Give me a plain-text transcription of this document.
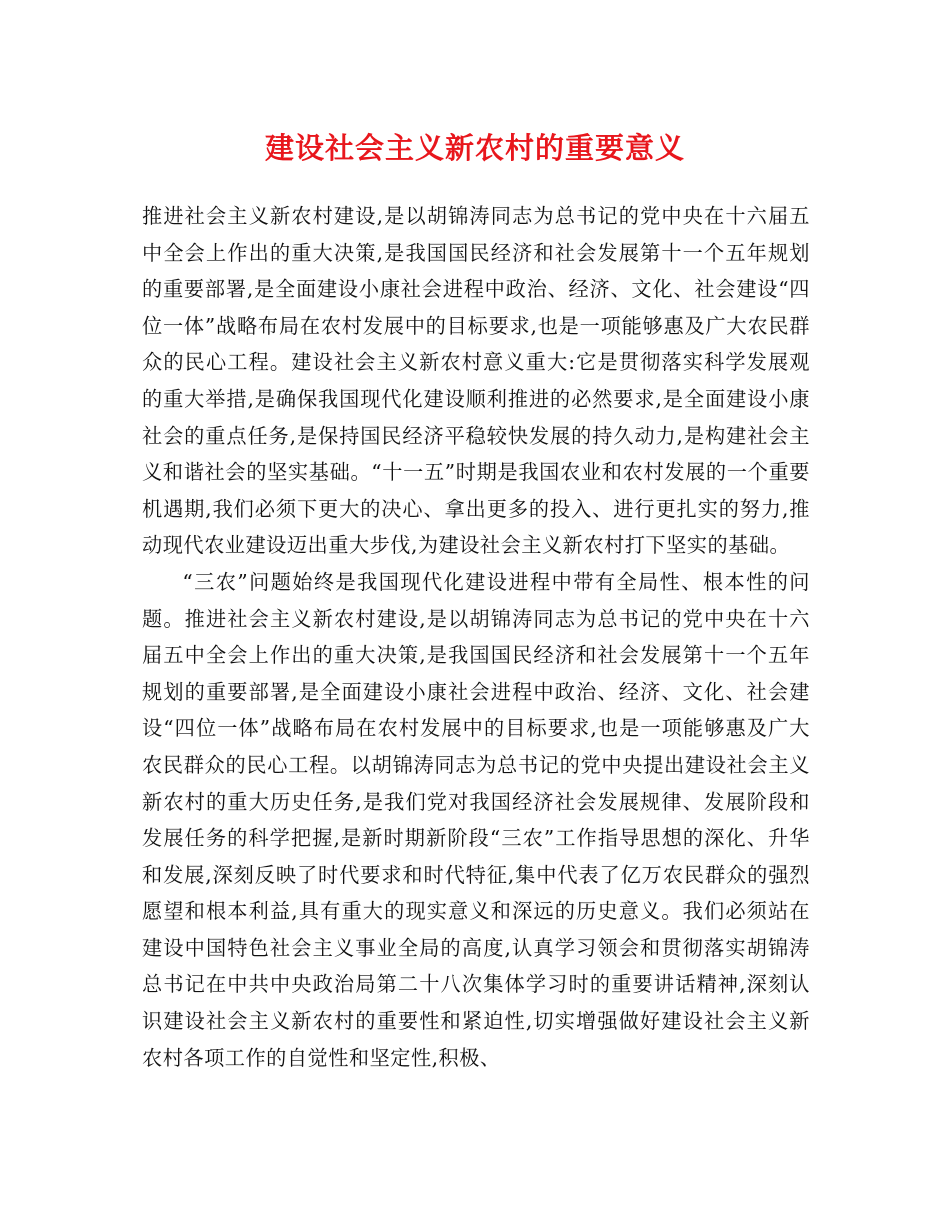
建设社会主义新农村的重要意义

推进社会主义新农村建设,是以胡锦涛同志为总书记的党中央在十六届五中全会上作出的重大决策,是我国国民经济和社会发展第十一个五年规划的重要部署,是全面建设小康社会进程中政治、经济、文化、社会建设“四位一体”战略布局在农村发展中的目标要求,也是一项能够惠及广大农民群众的民心工程。建设社会主义新农村意义重大:它是贯彻落实科学发展观的重大举措,是确保我国现代化建设顺利推进的必然要求,是全面建设小康社会的重点任务,是保持国民经济平稳较快发展的持久动力,是构建社会主义和谐社会的坚实基础。“十一五”时期是我国农业和农村发展的一个重要机遇期,我们必须下更大的决心、拿出更多的投入、进行更扎实的努力,推动现代农业建设迈出重大步伐,为建设社会主义新农村打下坚实的基础。

“三农”问题始终是我国现代化建设进程中带有全局性、根本性的问题。推进社会主义新农村建设,是以胡锦涛同志为总书记的党中央在十六届五中全会上作出的重大决策,是我国国民经济和社会发展第十一个五年规划的重要部署,是全面建设小康社会进程中政治、经济、文化、社会建设“四位一体”战略布局在农村发展中的目标要求,也是一项能够惠及广大农民群众的民心工程。以胡锦涛同志为总书记的党中央提出建设社会主义新农村的重大历史任务,是我们党对我国经济社会发展规律、发展阶段和发展任务的科学把握,是新时期新阶段“三农”工作指导思想的深化、升华和发展,深刻反映了时代要求和时代特征,集中代表了亿万农民群众的强烈愿望和根本利益,具有重大的现实意义和深远的历史意义。我们必须站在建设中国特色社会主义事业全局的高度,认真学习领会和贯彻落实胡锦涛总书记在中共中央政治局第二十八次集体学习时的重要讲话精神,深刻认识建设社会主义新农村的重要性和紧迫性,切实增强做好建设社会主义新农村各项工作的自觉性和坚定性,积极、
